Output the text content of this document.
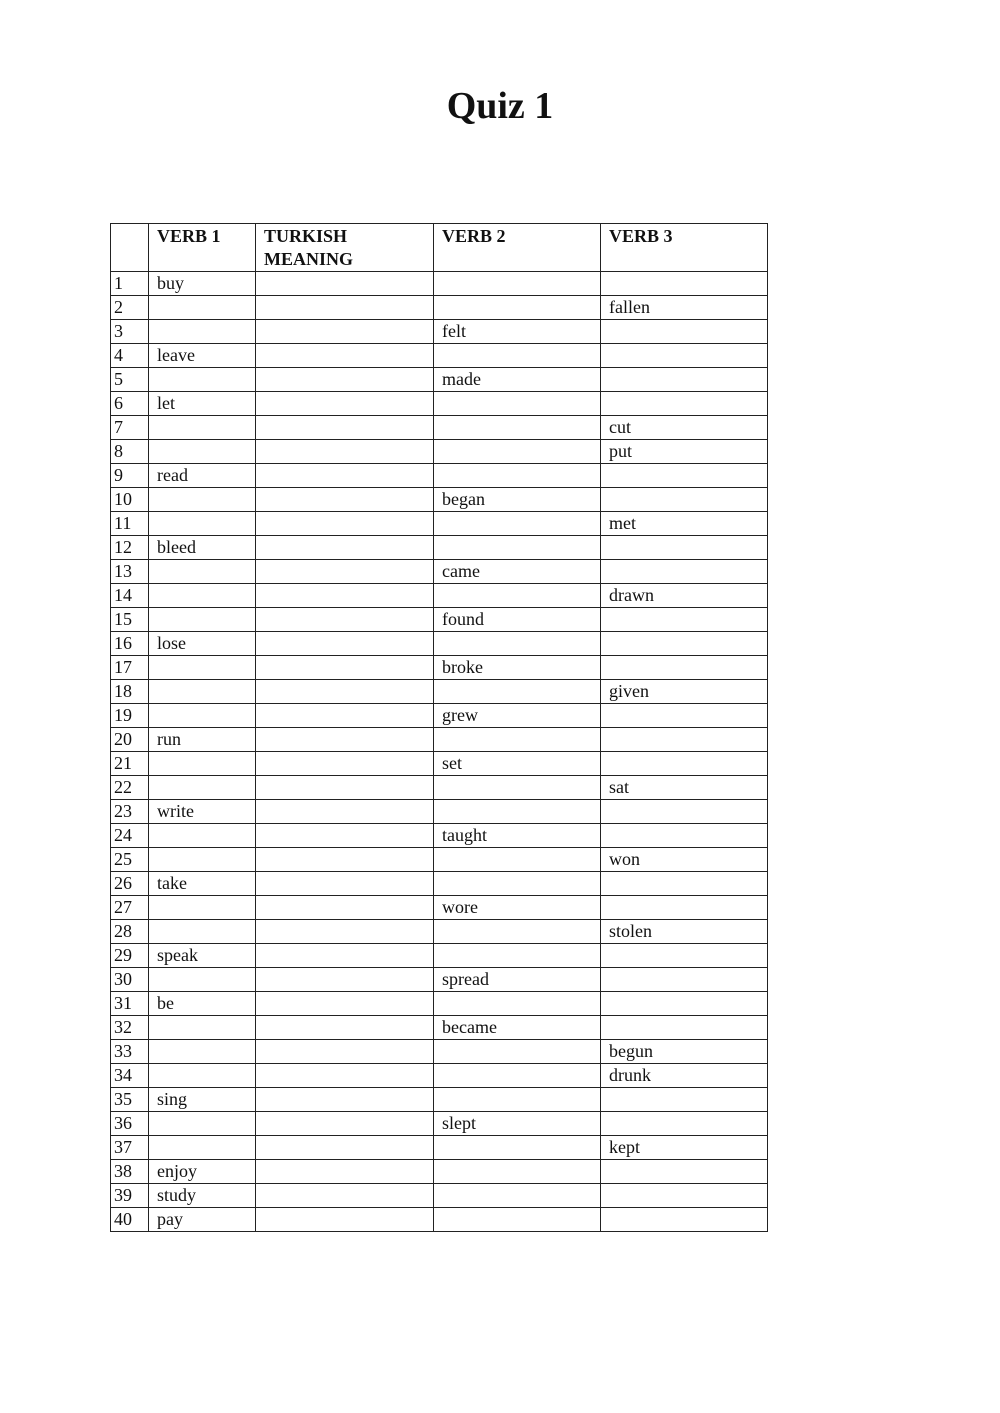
Quiz 1
	VERB 1	TURKISH MEANING	VERB 2	VERB 3
1	buy			
2				fallen
3			felt	
4	leave			
5			made	
6	let			
7				cut
8				put
9	read			
10			began	
11				met
12	bleed			
13			came	
14				drawn
15			found	
16	lose			
17			broke	
18				given
19			grew	
20	run			
21			set	
22				sat
23	write			
24			taught	
25				won
26	take			
27			wore	
28				stolen
29	speak			
30			spread	
31	be			
32			became	
33				begun
34				drunk
35	sing			
36			slept	
37				kept
38	enjoy			
39	study			
40	pay			
